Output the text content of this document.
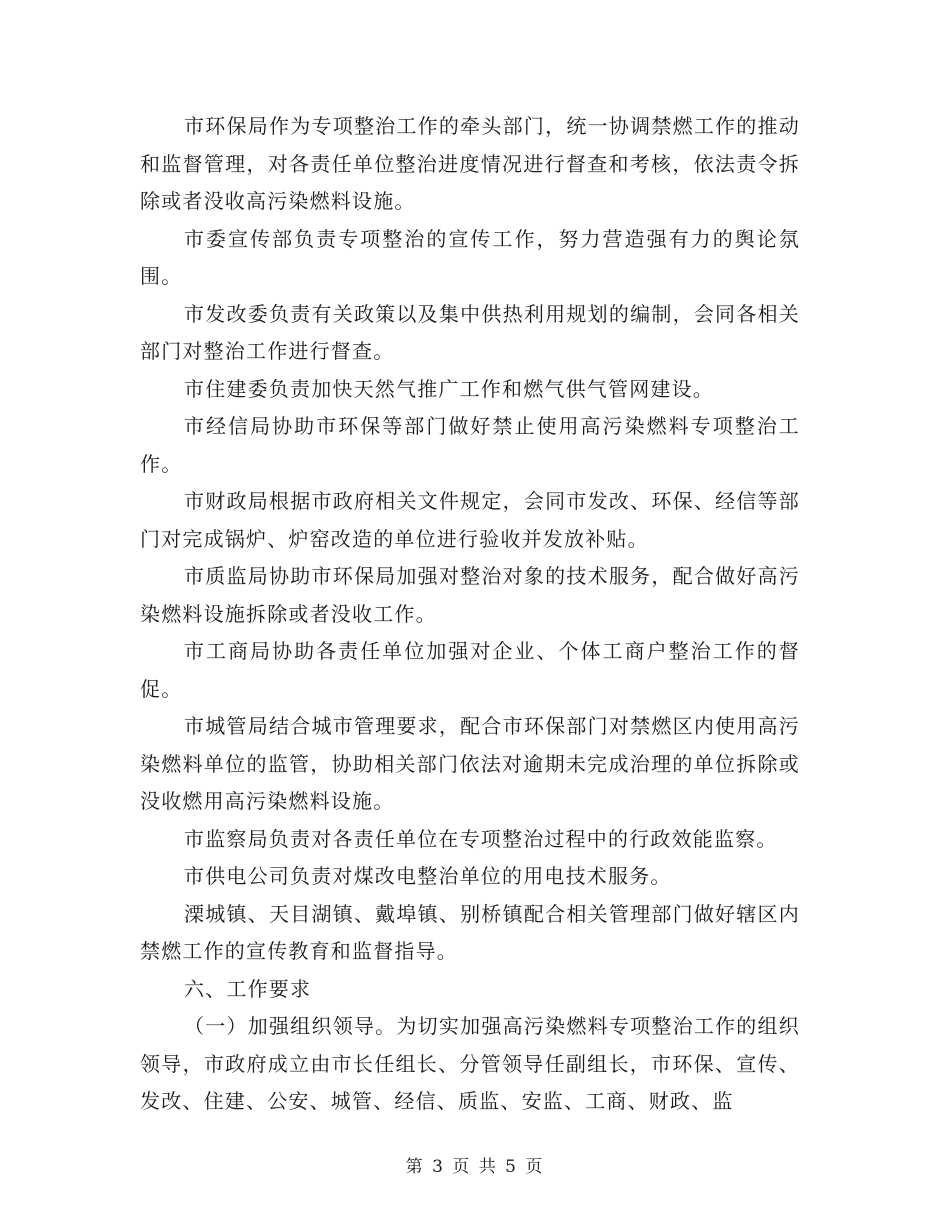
市环保局作为专项整治工作的牵头部门，统一协调禁燃工作的推动和监督管理，对各责任单位整治进度情况进行督查和考核，依法责令拆除或者没收高污染燃料设施。

市委宣传部负责专项整治的宣传工作，努力营造强有力的舆论氛围。

市发改委负责有关政策以及集中供热利用规划的编制，会同各相关部门对整治工作进行督查。

市住建委负责加快天然气推广工作和燃气供气管网建设。

市经信局协助市环保等部门做好禁止使用高污染燃料专项整治工作。

市财政局根据市政府相关文件规定，会同市发改、环保、经信等部门对完成锅炉、炉窑改造的单位进行验收并发放补贴。

市质监局协助市环保局加强对整治对象的技术服务，配合做好高污染燃料设施拆除或者没收工作。

市工商局协助各责任单位加强对企业、个体工商户整治工作的督促。

市城管局结合城市管理要求，配合市环保部门对禁燃区内使用高污染燃料单位的监管，协助相关部门依法对逾期未完成治理的单位拆除或没收燃用高污染燃料设施。

市监察局负责对各责任单位在专项整治过程中的行政效能监察。

市供电公司负责对煤改电整治单位的用电技术服务。

溧城镇、天目湖镇、戴埠镇、别桥镇配合相关管理部门做好辖区内禁燃工作的宣传教育和监督指导。

六、工作要求

（一）加强组织领导。为切实加强高污染燃料专项整治工作的组织领导，市政府成立由市长任组长、分管领导任副组长，市环保、宣传、发改、住建、公安、城管、经信、质监、安监、工商、财政、监

第 3 页 共 5 页
